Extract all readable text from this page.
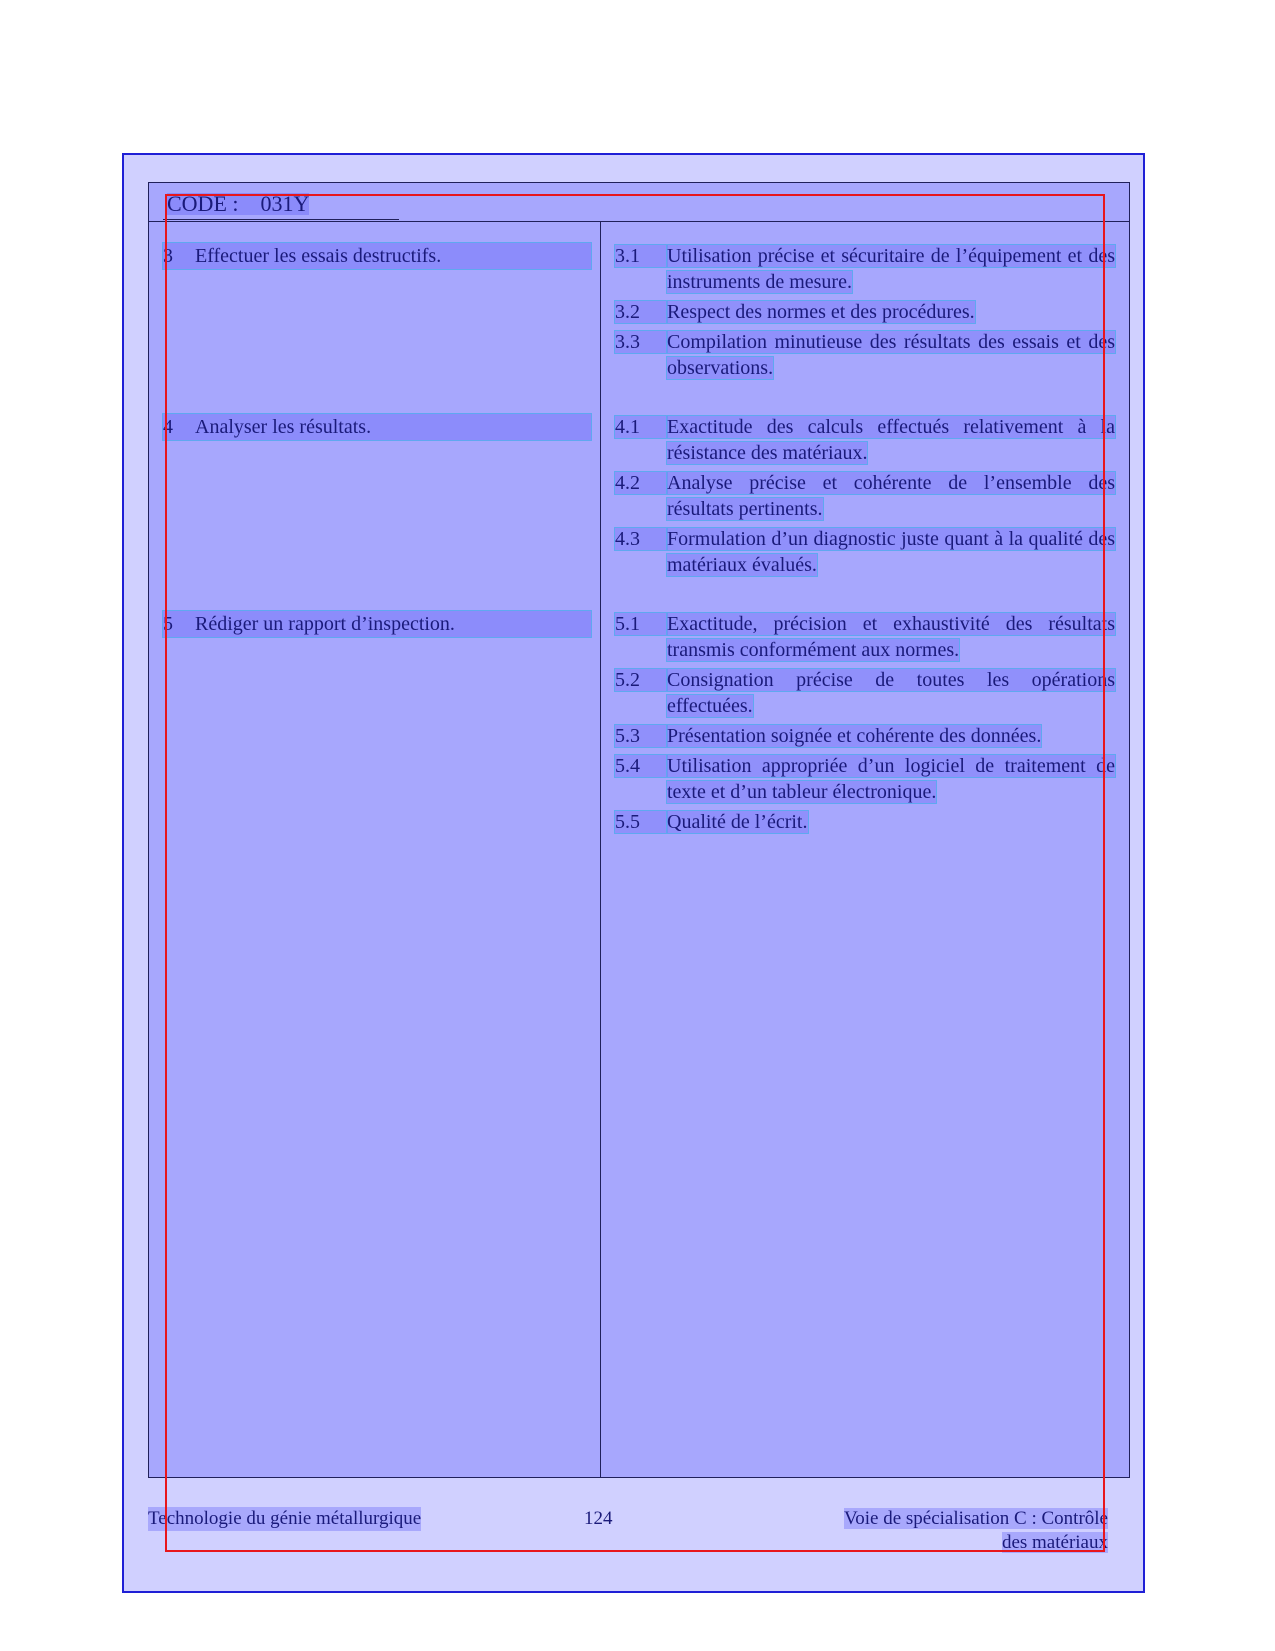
CODE :    031Y
3	Effectuer les essais destructifs.	3.1	Utilisation précise et sécuritaire de l’équipement et des instruments de mesure.
3.2	Respect des normes et des procédures.
3.3	Compilation minutieuse des résultats des essais et des observations.
4	Analyser les résultats.	4.1	Exactitude des calculs effectués relativement à la résistance des matériaux.
4.2	Analyse précise et cohérente de l’ensemble des résultats pertinents.
4.3	Formulation d’un diagnostic juste quant à la qualité des matériaux évalués.
5	Rédiger un rapport d’inspection.	5.1	Exactitude, précision et exhaustivité des résultats transmis conformément aux normes.
5.2	Consignation précise de toutes les opérations effectuées.
5.3	Présentation soignée et cohérente des données.
5.4	Utilisation appropriée d’un logiciel de traitement de texte et d’un tableur électronique.
5.5	Qualité de l’écrit.
Technologie du génie métallurgique	124	Voie de spécialisation C : Contrôle des matériaux
